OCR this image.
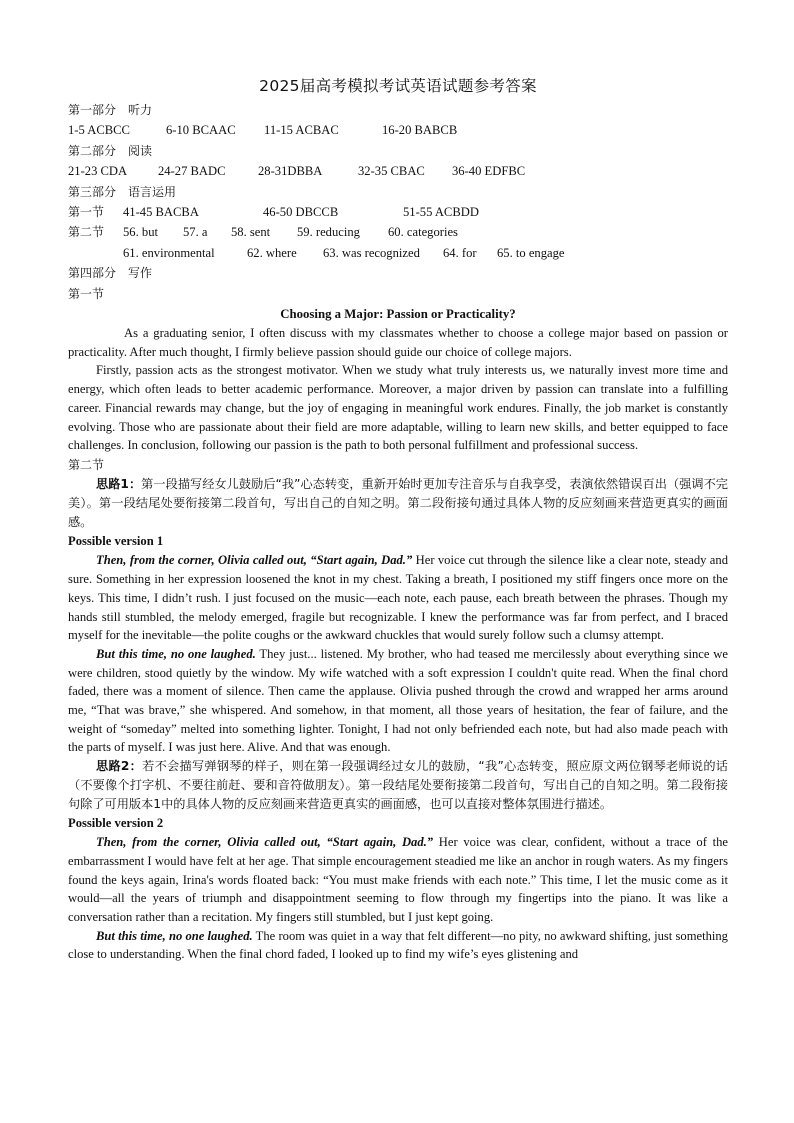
2025届高考模拟考试英语试题参考答案
第一部分　听力
1-5 ACBCC	6-10 BCAAC 11-15 ACBAC	16-20 BABCB
第二部分　阅读
21-23 CDA 24-27 BADC	28-31DBBA	32-35 CBAC 36-40 EDFBC
第三部分　语言运用
第一节 41-45 BACBA	46-50 DBCCB	51-55 ACBDD
第二节 56. but 57. a 58. sent 59. reducing 60. categories
61. environmental	62. where 63. was recognized 64. for 65. to engage
第四部分　写作
第一节

Choosing a Major: Passion or Practicality?

As a graduating senior, I often discuss with my classmates whether to choose a college major based on passion or practicality. After much thought, I firmly believe passion should guide our choice of college majors.

Firstly, passion acts as the strongest motivator. When we study what truly interests us, we naturally invest more time and energy, which often leads to better academic performance. Moreover, a major driven by passion can translate into a fulfilling career. Financial rewards may change, but the joy of engaging in meaningful work endures. Finally, the job market is constantly evolving. Those who are passionate about their field are more adaptable, willing to learn new skills, and better equipped to face challenges. In conclusion, following our passion is the path to both personal fulfillment and professional success.

第二节

思路1：第一段描写经女儿鼓励后“我”心态转变，重新开始时更加专注音乐与自我享受，表演依然错误百出（强调不完美）。第一段结尾处要衔接第二段首句，写出自己的自知之明。第二段衔接句通过具体人物的反应刻画来营造更真实的画面感。

Possible version 1

Then, from the corner, Olivia called out, “Start again, Dad.” Her voice cut through the silence like a clear note, steady and sure. Something in her expression loosened the knot in my chest. Taking a breath, I positioned my stiff fingers once more on the keys. This time, I didn’t rush. I just focused on the music—each note, each pause, each breath between the phrases. Though my hands still stumbled, the melody emerged, fragile but recognizable. I knew the performance was far from perfect, and I braced myself for the inevitable—the polite coughs or the awkward chuckles that would surely follow such a clumsy attempt.

But this time, no one laughed. They just... listened. My brother, who had teased me mercilessly about everything since we were children, stood quietly by the window. My wife watched with a soft expression I couldn't quite read. When the final chord faded, there was a moment of silence. Then came the applause. Olivia pushed through the crowd and wrapped her arms around me, “That was brave,” she whispered. And somehow, in that moment, all those years of hesitation, the fear of failure, and the weight of “someday” melted into something lighter. Tonight, I had not only befriended each note, but had also made peach with the parts of myself. I was just here. Alive. And that was enough.

思路2：若不会描写弹钢琴的样子，则在第一段强调经过女儿的鼓励，“我”心态转变，照应原文两位钢琴老师说的话（不要像个打字机、不要往前赶、要和音符做朋友）。第一段结尾处要衔接第二段首句，写出自己的自知之明。第二段衔接句除了可用版本1中的具体人物的反应刻画来营造更真实的画面感，也可以直接对整体氛围进行描述。

Possible version 2

Then, from the corner, Olivia called out, “Start again, Dad.” Her voice was clear, confident, without a trace of the embarrassment I would have felt at her age. That simple encouragement steadied me like an anchor in rough waters. As my fingers found the keys again, Irina's words floated back: “You must make friends with each note.” This time, I let the music come as it would—all the years of triumph and disappointment seeming to flow through my fingertips into the piano. It was like a conversation rather than a recitation. My fingers still stumbled, but I just kept going.

But this time, no one laughed. The room was quiet in a way that felt different—no pity, no awkward shifting, just something close to understanding. When the final chord faded, I looked up to find my wife’s eyes glistening and
